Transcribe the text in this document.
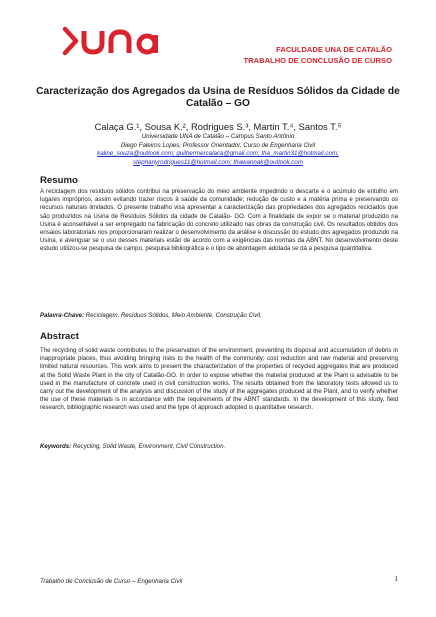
FACULDADE UNA DE CATALÃO
TRABALHO DE CONCLUSÃO DE CURSO
Caracterização dos Agregados da Usina de Resíduos Sólidos da Cidade de Catalão – GO
Calaça G.¹, Sousa K.², Rodrigues S.³, Martin T.⁴, Santos T.⁵
Universidade UNA de Catalão – Campus Santo Antônio
Diego Faleiros Lopes, Professor Orientador, Curso de Engenharia Civil
kaline_souza@outlook.com; guilhermercalaca@gmail.com; tha_martin31@hotmail.com;
stephanyrodrigues11@hotmail.com; thawannak@outlook.com
Resumo
A reciclagem dos resíduos sólidos contribui na preservação do meio ambiente impedindo o descarte e o acúmulo de entulho em lugares impróprios, assim evitando trazer riscos à saúde da comunidade; redução de custo e a matéria prima e preservando os recursos naturais limitados. O presente trabalho visa apresentar a caracterização das propriedades dos agregados reciclados que são produzidos na Usina de Resíduos Sólidos da cidade de Catalão- GO. Com a finalidade de expor se o material produzido na Usina é aconselhável a ser empregado na fabricação do concreto utilizado nas obras da construção civil. Os resultados obtidos dos ensaios laboratoriais nos proporcionaram realizar o desenvolvimento da análise e discussão do estudo dos agregados produzido na Usina, e averiguar se o uso desses materiais estão de acordo com a exigências das normas da ABNT. No desenvolvimento deste estudo utilizou-se pesquisa de campo, pesquisa bibliográfica e o tipo de abordagem adotada se dá a pesquisa quantitativa.
Palavra-Chave: Reciclagem, Resíduos Sólidos, Meio Ambiente, Construção Civil.
Abstract
The recycling of solid waste contributes to the preservation of the environment, preventing its disposal and accumulation of debris in inappropriate places, thus avoiding bringing risks to the health of the community; cost reduction and raw material and preserving limited natural resources. This work aims to present the characterization of the properties of recycled aggregates that are produced at the Solid Waste Plant in the city of Catalão-GO. In order to expose whether the material produced at the Plant is advisable to be used in the manufacture of concrete used in civil construction works. The results obtained from the laboratory tests allowed us to carry out the development of the analysis and discussion of the study of the aggregates produced at the Plant, and to verify whether the use of these materials is in accordance with the requirements of the ABNT standards. In the development of this study, field research, bibliographic research was used and the type of approach adopted is quantitative research.
Keywords: Recycling, Solid Waste, Environment, Civil Construction.
Trabalho de Conclusão de Curso – Engenharia Civil	1
